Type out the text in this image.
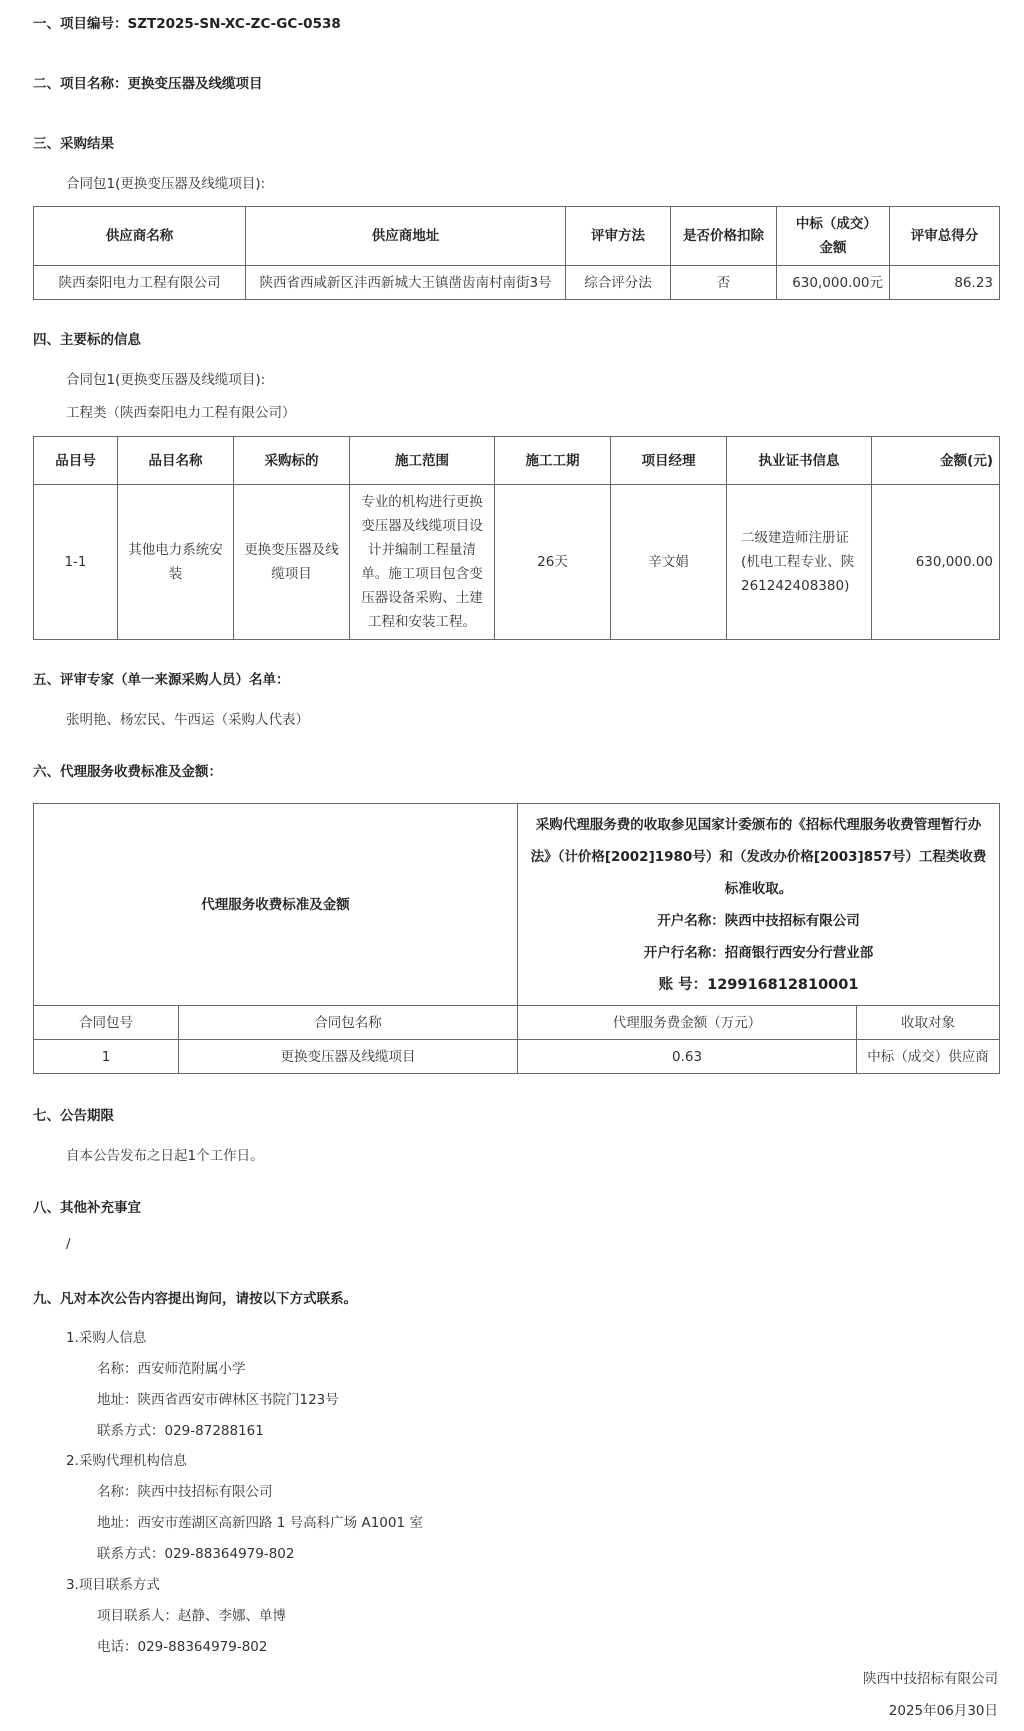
一、项目编号：SZT2025-SN-XC-ZC-GC-0538
二、项目名称：更换变压器及线缆项目
三、采购结果
合同包1(更换变压器及线缆项目):
供应商名称	供应商地址	评审方法	是否价格扣除	中标（成交）金额	评审总得分
陕西秦阳电力工程有限公司	陕西省西咸新区沣西新城大王镇凿齿南村南街3号	综合评分法	否	630,000.00元	86.23
四、主要标的信息
合同包1(更换变压器及线缆项目):
工程类（陕西秦阳电力工程有限公司）
品目号	品目名称	采购标的	施工范围	施工工期	项目经理	执业证书信息	金额(元)
1-1	其他电力系统安装	更换变压器及线缆项目	专业的机构进行更换变压器及线缆项目设计并编制工程量清单。施工项目包含变压器设备采购、土建工程和安装工程。	26天	辛文娟	二级建造师注册证(机电工程专业、陕261242408380)	630,000.00
五、评审专家（单一来源采购人员）名单：
张明艳、杨宏民、牛西运（采购人代表）
六、代理服务收费标准及金额：
代理服务收费标准及金额		采购代理服务费的收取参见国家计委颁布的《招标代理服务收费管理暂行办法》（计价格[2002]1980号）和（发改办价格[2003]857号）工程类收费标准收取。
开户名称：陕西中技招标有限公司
开户行名称：招商银行西安分行营业部
账 号：129916812810001	

合同包号	合同包名称	代理服务费金额（万元）	收取对象
1	更换变压器及线缆项目	0.63	中标（成交）供应商
七、公告期限
自本公告发布之日起1个工作日。
八、其他补充事宜
/
九、凡对本次公告内容提出询问，请按以下方式联系。
1.采购人信息
名称：西安师范附属小学
地址：陕西省西安市碑林区书院门123号
联系方式：029-87288161
2.采购代理机构信息
名称：陕西中技招标有限公司
地址：西安市莲湖区高新四路 1 号高科广场 A1001 室
联系方式：029-88364979-802
3.项目联系方式
项目联系人：赵静、李娜、单博
电话：029-88364979-802
陕西中技招标有限公司
2025年06月30日
